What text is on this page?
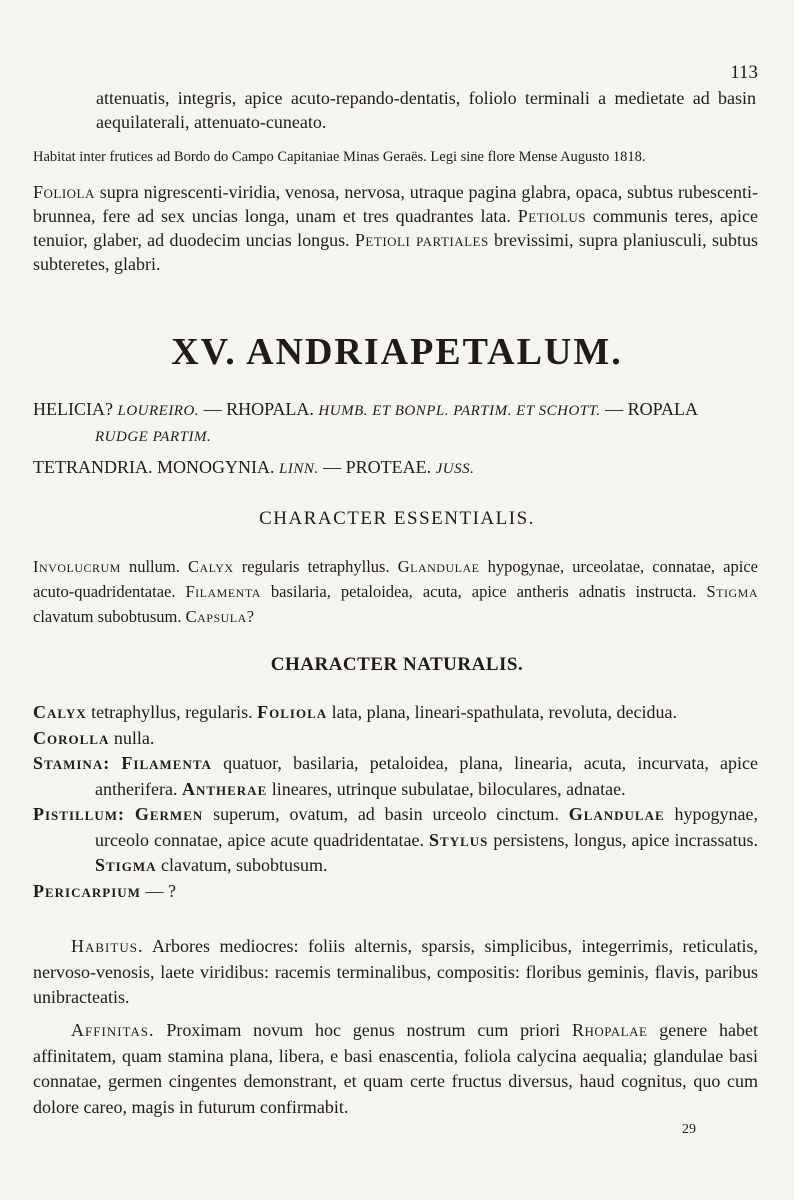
113
attenuatis, integris, apice acuto-repando-dentatis, foliolo terminali a medietate ad basin aequilaterali, attenuato-cuneato.
Habitat inter frutices ad Bordo do Campo Capitaniae Minas Geraës. Legi sine flore Mense Augusto 1818.
Foliola supra nigrescenti-viridia, venosa, nervosa, utraque pagina glabra, opaca, subtus rubescenti-brunnea, fere ad sex uncias longa, unam et tres quadrantes lata. Petiolus communis teres, apice tenuior, glaber, ad duodecim uncias longus. Petioli partiales brevissimi, supra planiusculi, subtus subteretes, glabri.
XV. ANDRIAPETALUM.
HELICIA? LOUREIRO. — RHOPALA. HUMB. ET BONPL. PARTIM. ET SCHOTT. — ROPALA
RUDGE PARTIM.
TETRANDRIA. MONOGYNIA. LINN. — PROTEAE. JUSS.
CHARACTER ESSENTIALIS.
Involucrum nullum. Calyx regularis tetraphyllus. Glandulae hypogynae, urceolatae, connatae, apice acuto-quadridentatae. Filamenta basilaria, petaloidea, acuta, apice antheris adnatis instructa. Stigma clavatum subobtusum. Capsula?
CHARACTER NATURALIS.
Calyx tetraphyllus, regularis. Foliola lata, plana, lineari-spathulata, revoluta, decidua.
Corolla nulla.
Stamina: Filamenta quatuor, basilaria, petaloidea, plana, linearia, acuta, incurvata, apice antherifera. Antherae lineares, utrinque subulatae, biloculares, adnatae.
Pistillum: Germen superum, ovatum, ad basin urceolo cinctum. Glandulae hypogynae, urceolo connatae, apice acute quadridentatae. Stylus persistens, longus, apice incrassatus. Stigma clavatum, subobtusum.
Pericarpium — ?
Habitus. Arbores mediocres: foliis alternis, sparsis, simplicibus, integerrimis, reticulatis, nervoso-venosis, laete viridibus: racemis terminalibus, compositis: floribus geminis, flavis, paribus unibracteatis.
Affinitas. Proximam novum hoc genus nostrum cum priori Rhopalae genere habet affinitatem, quam stamina plana, libera, e basi enascentia, foliola calycina aequalia; glandulae basi connatae, germen cingentes demonstrant, et quam certe fructus diversus, haud cognitus, quo cum dolore careo, magis in futurum confirmabit.
29
